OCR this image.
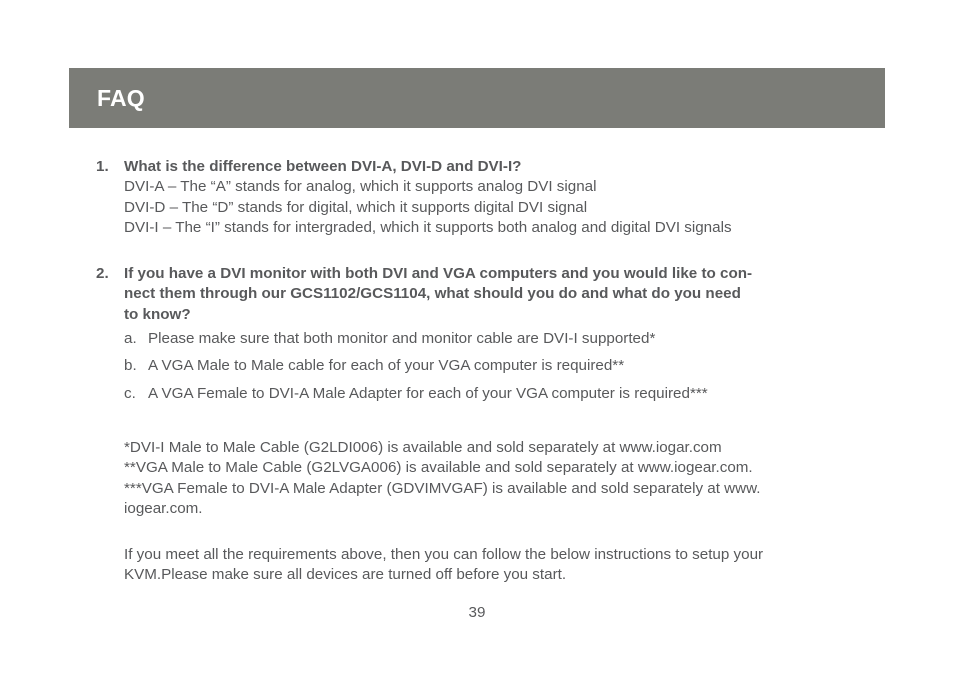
FAQ
1.	What is the difference between DVI-A, DVI-D and DVI-I?
DVI-A – The “A” stands for analog, which it supports analog DVI signal
DVI-D – The “D” stands for digital, which it supports digital DVI signal
DVI-I – The “I” stands for intergraded, which it supports both analog and digital DVI signals
2.	If you have a DVI monitor with both DVI and VGA computers and you would like to con-
nect them through our GCS1102/GCS1104, what should you do and what do you need
to know?
a. Please make sure that both monitor and monitor cable are DVI-I supported*
b. A VGA Male to Male cable for each of your VGA computer is required**
c. A VGA Female to DVI-A Male Adapter for each of your VGA computer is required***
*DVI-I Male to Male Cable (G2LDI006) is available and sold separately at www.iogar.com
**VGA Male to Male Cable (G2LVGA006) is available and sold separately at www.iogear.com.
***VGA Female to DVI-A Male Adapter (GDVIMVGAF) is available and sold separately at www.
iogear.com.
If you meet all the requirements above, then you can follow the below instructions to setup your
KVM.Please make sure all devices are turned off before you start.
39
